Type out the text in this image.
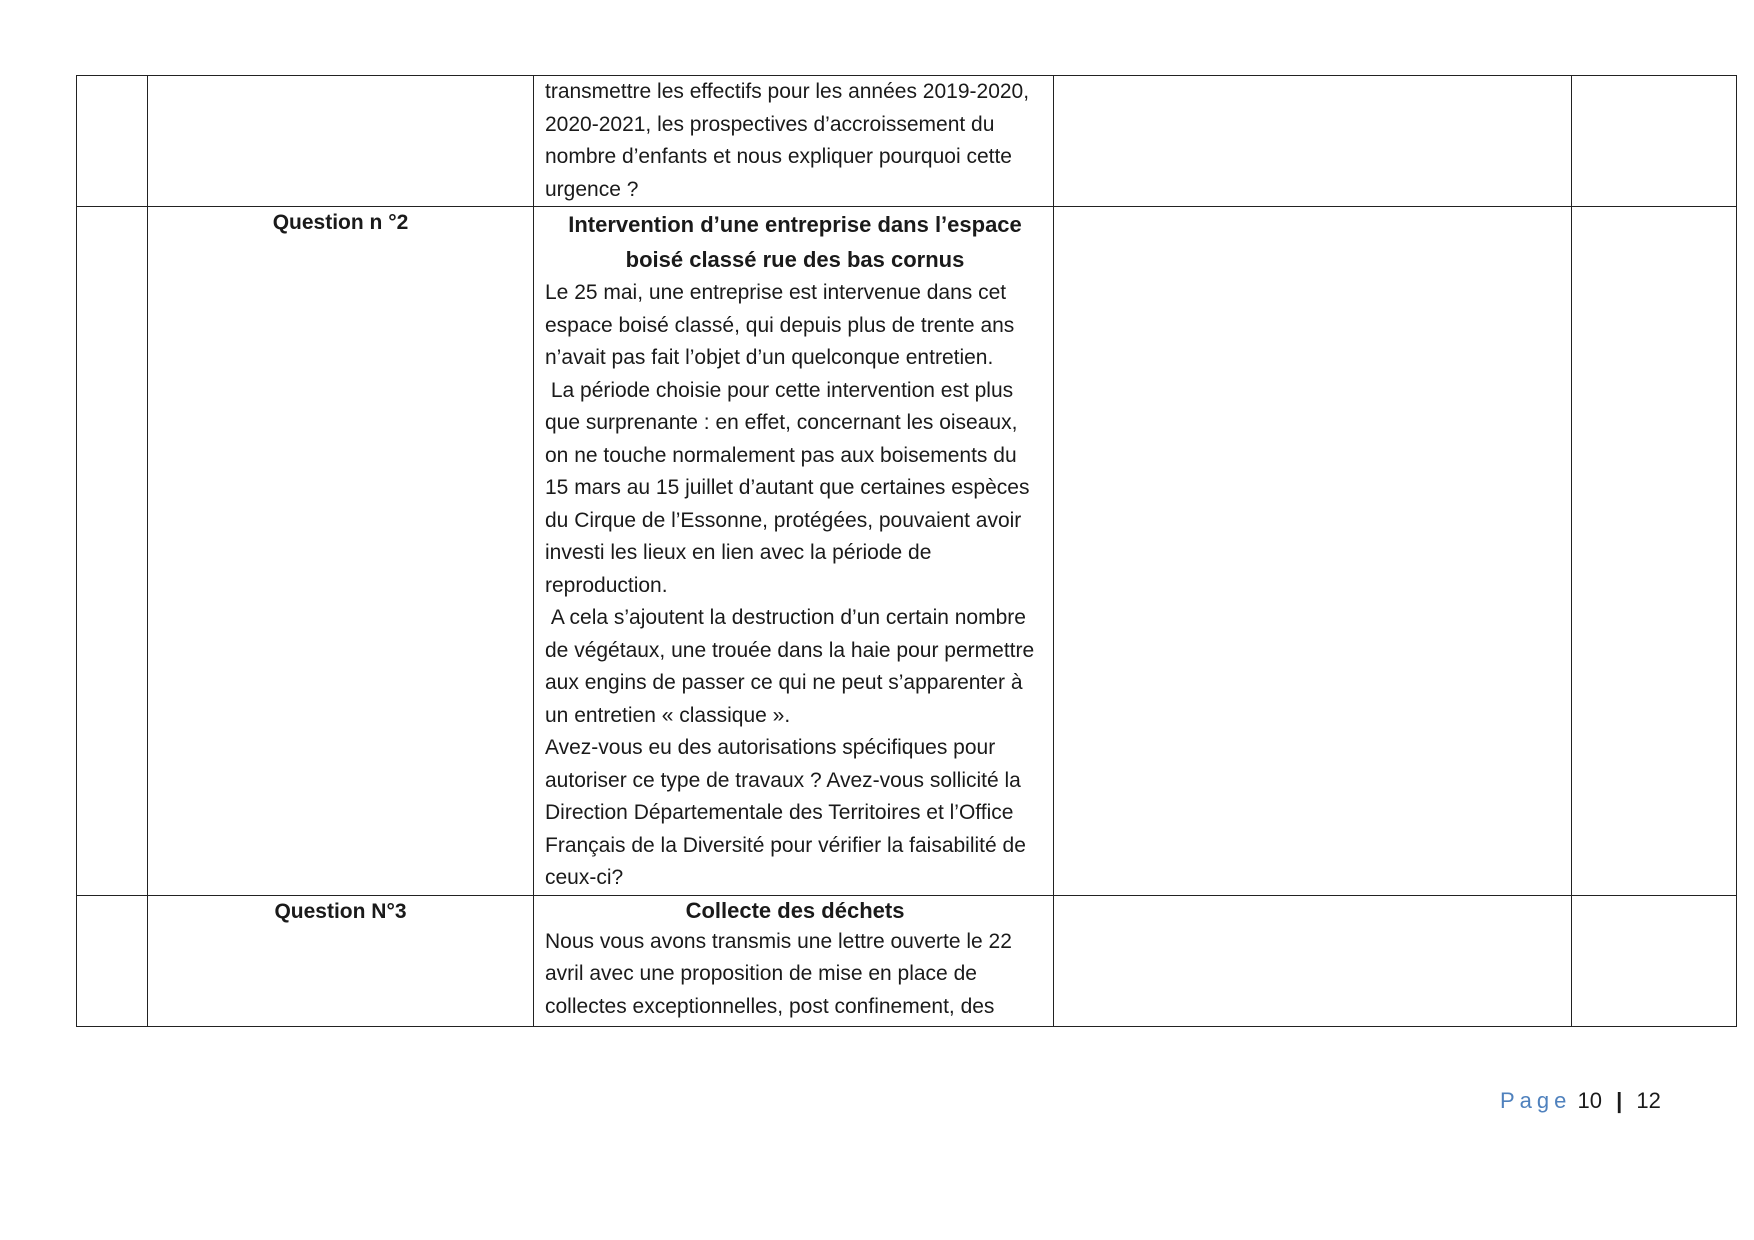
		transmettre les effectifs pour les années 2019-2020, 2020-2021, les prospectives d’accroissement du nombre d’enfants et nous expliquer pourquoi cette urgence ?		

	Question n °2	Intervention d’une entreprise dans l’espace boisé classé rue des bas cornus

Le 25 mai, une entreprise est intervenue dans cet espace boisé classé, qui depuis plus de trente ans n’avait pas fait l’objet d’un quelconque entretien.

La période choisie pour cette intervention est plus que surprenante : en effet, concernant les oiseaux, on ne touche normalement pas aux boisements du 15 mars au 15 juillet d’autant que certaines espèces du Cirque de l’Essonne, protégées, pouvaient avoir investi les lieux en lien avec la période de reproduction.

A cela s’ajoutent la destruction d’un certain nombre de végétaux, une trouée dans la haie pour permettre aux engins de passer ce qui ne peut s’apparenter à un entretien « classique ».

Avez-vous eu des autorisations spécifiques pour autoriser ce type de travaux ? Avez-vous sollicité la Direction Départementale des Territoires et l’Office Français de la Diversité pour vérifier la faisabilité de ceux-ci?		

	Question N°3	Collecte des déchets

Nous vous avons transmis une lettre ouverte le 22 avril avec une proposition de mise en place de collectes exceptionnelles, post confinement, des		

Page 10 | 12
